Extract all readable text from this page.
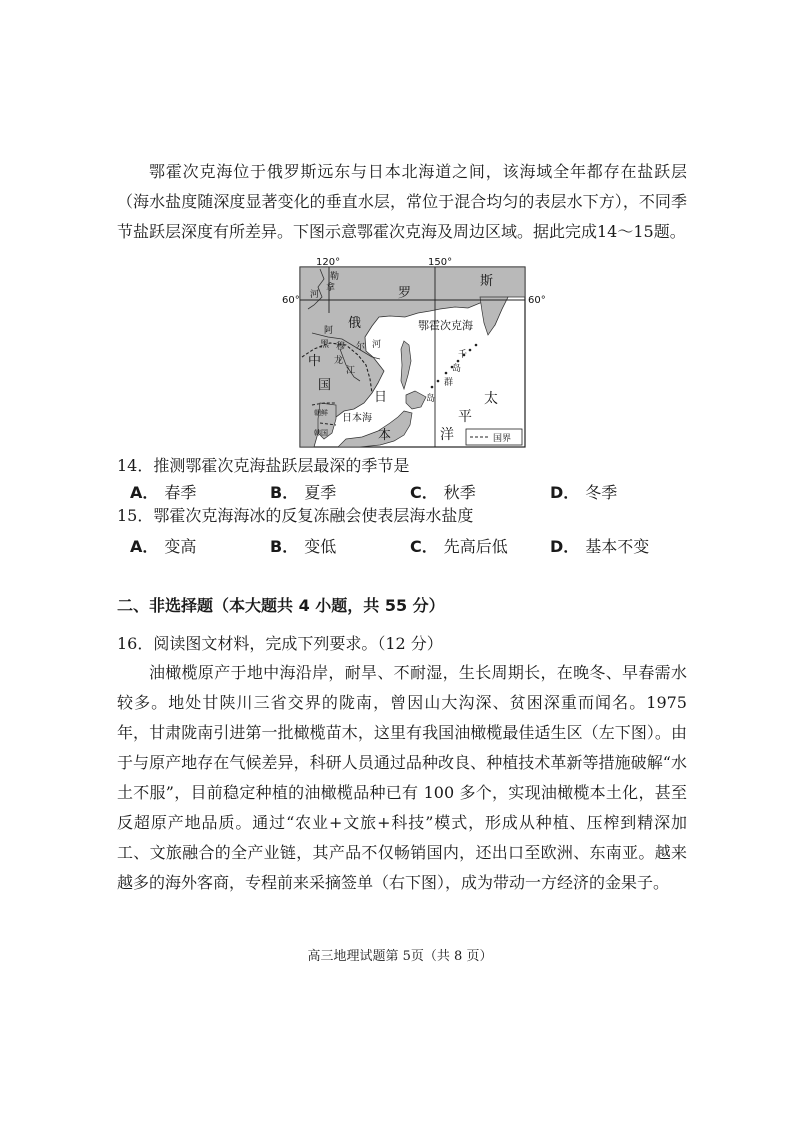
鄂霍次克海位于俄罗斯远东与日本北海道之间，该海域全年都存在盐跃层（海水盐度随深度显著变化的垂直水层，常位于混合均匀的表层水下方），不同季节盐跃层深度有所差异。下图示意鄂霍次克海及周边区域。据此完成14～15题。

120°	150°
60°	60°
勒
拿
河
俄
罗
斯
鄂霍次克海
阿
黑 穆 尔 河
龙
江
中
国
千
岛
群
日
本
日本海
朝鲜
韩国
岛	太
平
洋	国界

14．推测鄂霍次克海盐跃层最深的季节是

A． 春季	B． 夏季	C． 秋季	D． 冬季

15．鄂霍次克海海冰的反复冻融会使表层海水盐度

A． 变高	B． 变低	C． 先高后低	D． 基本不变
二、非选择题（本大题共 4 小题，共 55 分）

16．阅读图文材料，完成下列要求。（12 分）

油橄榄原产于地中海沿岸，耐旱、不耐湿，生长周期长，在晚冬、早春需水较多。地处甘陕川三省交界的陇南，曾因山大沟深、贫困深重而闻名。1975 年，甘肃陇南引进第一批橄榄苗木，这里有我国油橄榄最佳适生区（左下图）。由于与原产地存在气候差异，科研人员通过品种改良、种植技术革新等措施破解“水土不服”，目前稳定种植的油橄榄品种已有 100 多个，实现油橄榄本土化，甚至反超原产地品质。通过“农业+文旅+科技”模式，形成从种植、压榨到精深加工、文旅融合的全产业链，其产品不仅畅销国内，还出口至欧洲、东南亚。越来越多的海外客商，专程前来采摘签单（右下图），成为带动一方经济的金果子。

高三地理试题第 5页（共 8 页）
